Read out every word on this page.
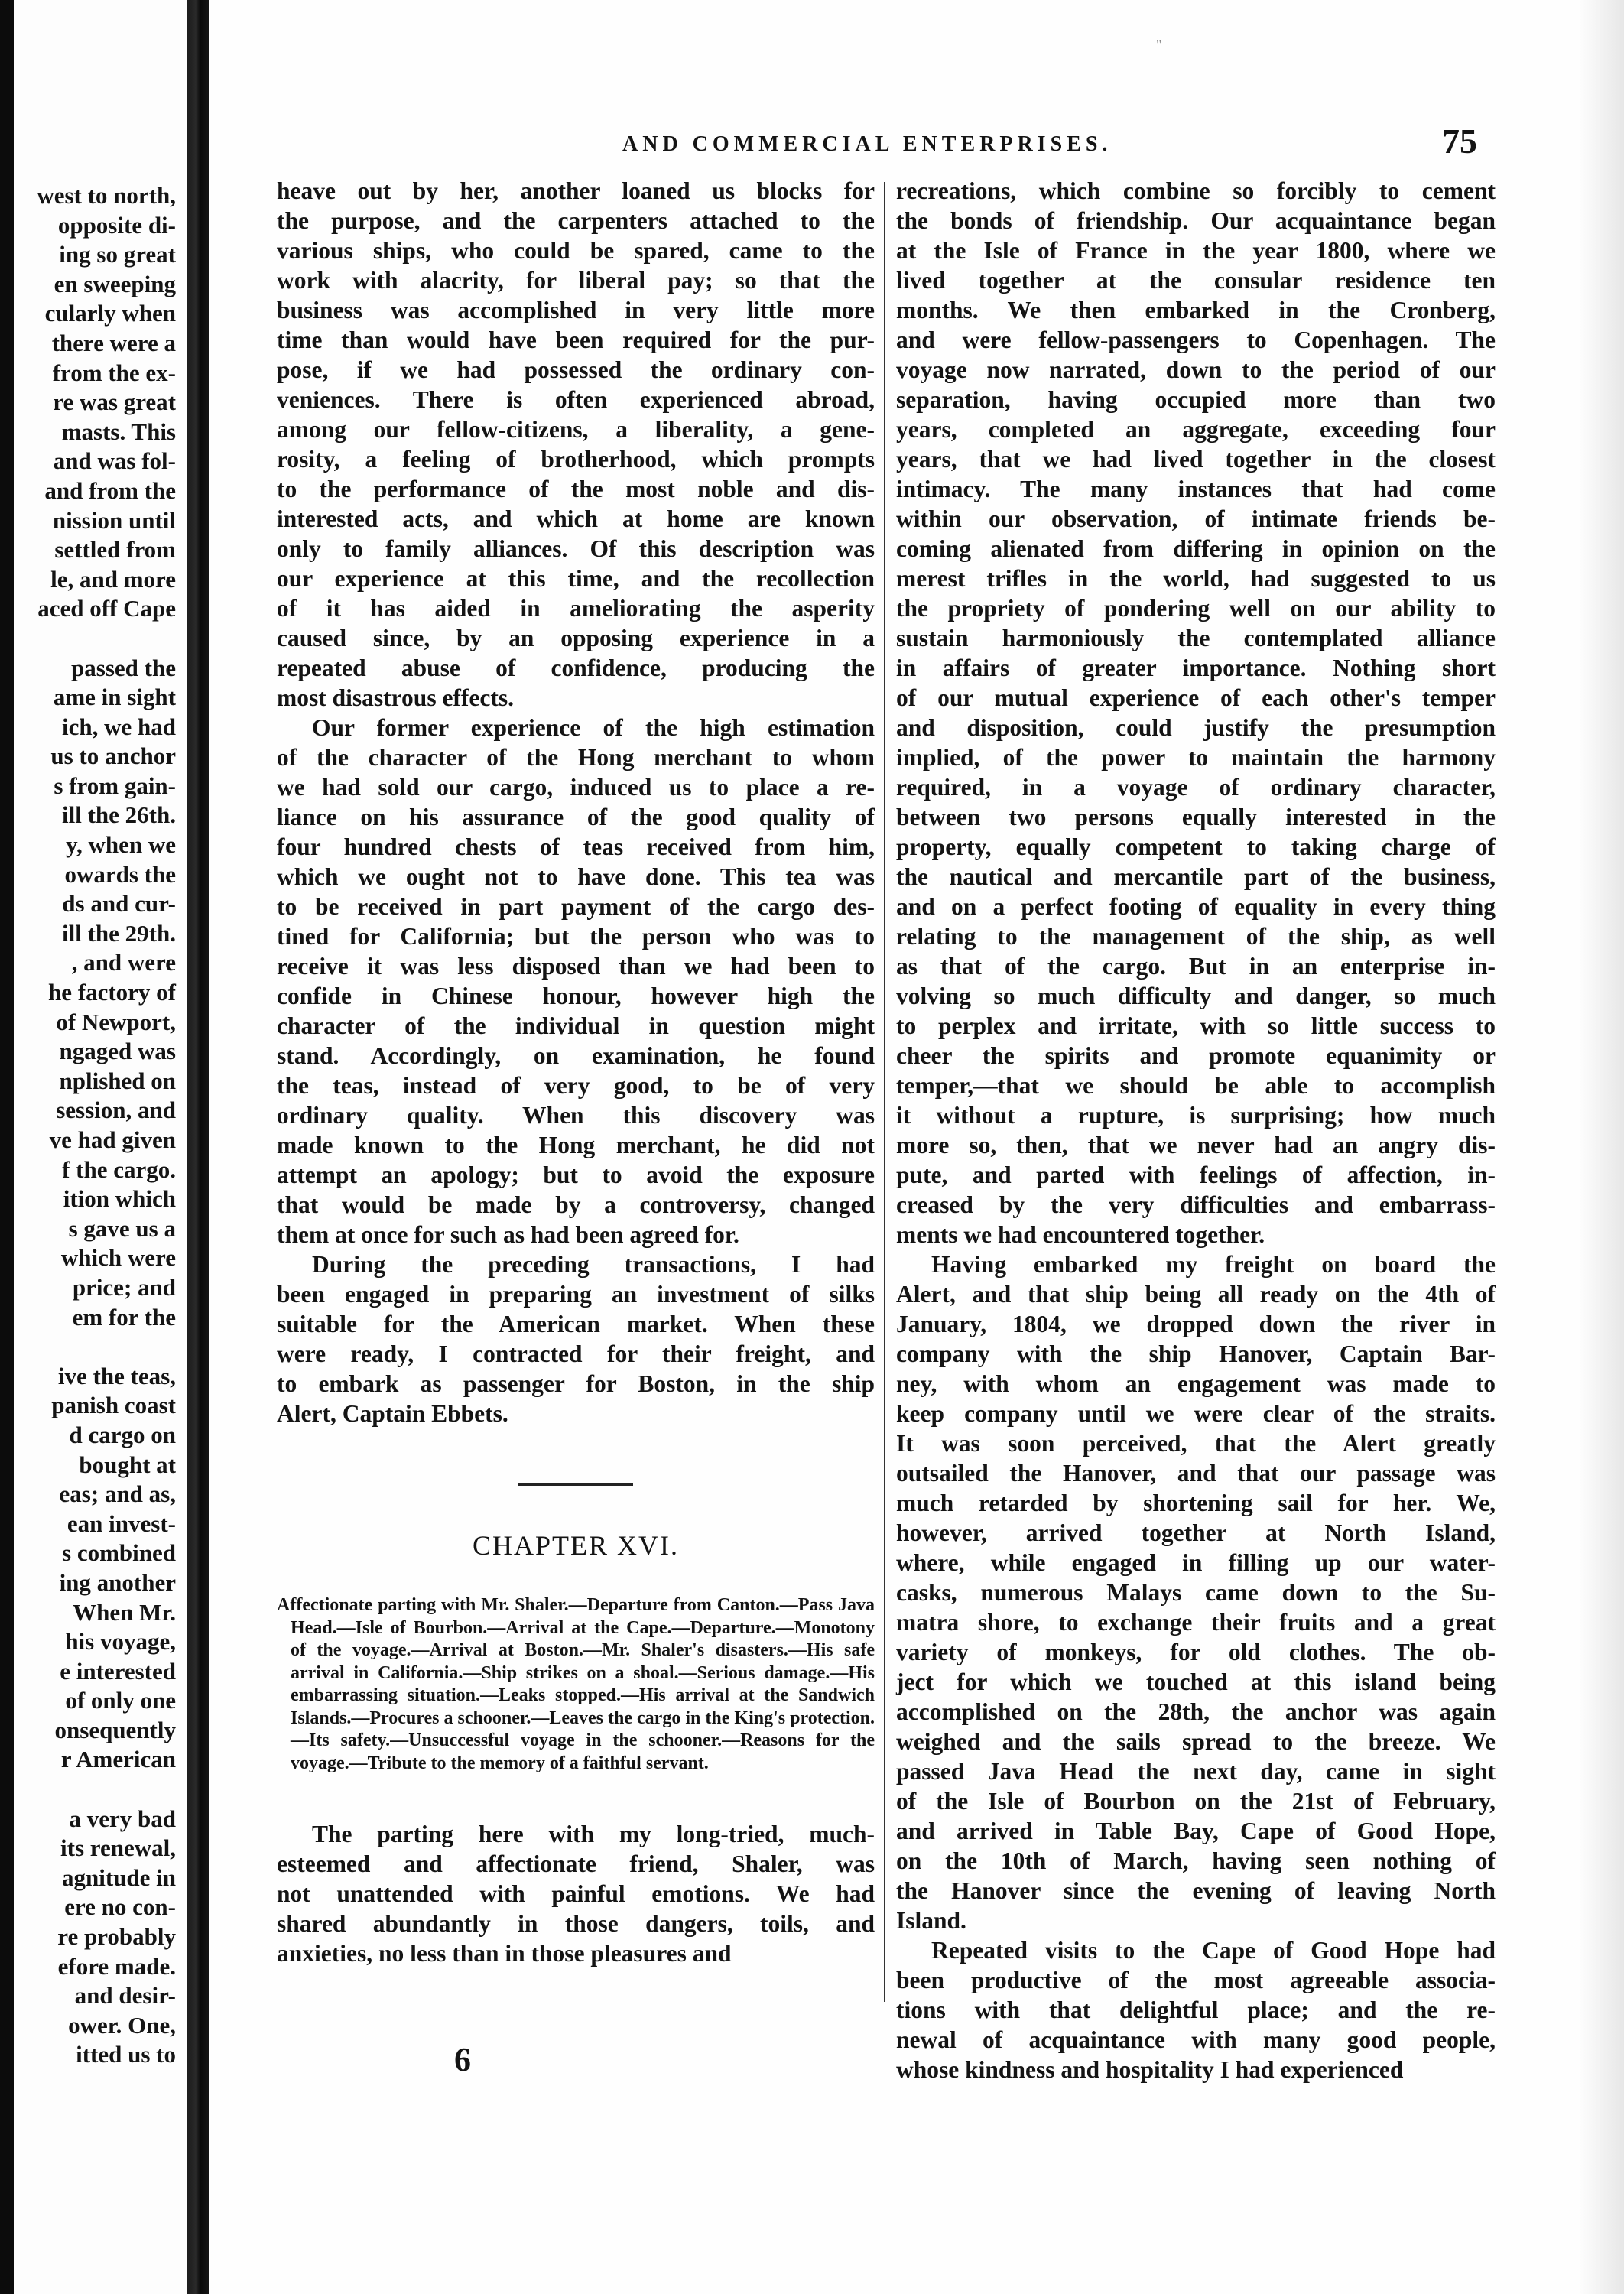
west to north,
opposite di-
ing so great
en sweeping
cularly when
there were a
from the ex-
re was great
masts. This
and was fol-
and from the
nission until
settled from
le, and more
aced off Cape

passed the
ame in sight
ich, we had
us to anchor
s from gain-
ill the 26th.
y, when we
owards the
ds and cur-
ill the 29th.
, and were
he factory of
of Newport,
ngaged was
nplished on
session, and
ve had given
f the cargo.
ition which
s gave us a
which were
price; and
em for the

ive the teas,
panish coast
d cargo on
bought at
eas; and as,
ean invest-
s combined
ing another
When Mr.
his voyage,
e interested
of only one
onsequently
r American

a very bad
its renewal,
agnitude in
ere no con-
re probably
efore made.
and desir-
ower. One,
itted us to
"
AND COMMERCIAL ENTERPRISES.	75
heave out by her, another loaned us blocks for
the purpose, and the carpenters attached to the
various ships, who could be spared, came to the
work with alacrity, for liberal pay; so that the
business was accomplished in very little more
time than would have been required for the pur-
pose, if we had possessed the ordinary con-
veniences. There is often experienced abroad,
among our fellow-citizens, a liberality, a gene-
rosity, a feeling of brotherhood, which prompts
to the performance of the most noble and dis-
interested acts, and which at home are known
only to family alliances. Of this description was
our experience at this time, and the recollection
of it has aided in ameliorating the asperity
caused since, by an opposing experience in a
repeated abuse of confidence, producing the
most disastrous effects.
Our former experience of the high estimation
of the character of the Hong merchant to whom
we had sold our cargo, induced us to place a re-
liance on his assurance of the good quality of
four hundred chests of teas received from him,
which we ought not to have done. This tea was
to be received in part payment of the cargo des-
tined for California; but the person who was to
receive it was less disposed than we had been to
confide in Chinese honour, however high the
character of the individual in question might
stand. Accordingly, on examination, he found
the teas, instead of very good, to be of very
ordinary quality. When this discovery was
made known to the Hong merchant, he did not
attempt an apology; but to avoid the exposure
that would be made by a controversy, changed
them at once for such as had been agreed for.
During the preceding transactions, I had
been engaged in preparing an investment of silks
suitable for the American market. When these
were ready, I contracted for their freight, and
to embark as passenger for Boston, in the ship
Alert, Captain Ebbets.
CHAPTER XVI.

Affectionate parting with Mr. Shaler.—Departure from Canton.—Pass Java Head.—Isle of Bourbon.—Arrival at the Cape.—Departure.—Monotony of the voyage.—Arrival at Boston.—Mr. Shaler's disasters.—His safe arrival in California.—Ship strikes on a shoal.—Serious damage.—His embarrassing situation.—Leaks stopped.—His arrival at the Sandwich Islands.—Procures a schooner.—Leaves the cargo in the King's protection.—Its safety.—Unsuccessful voyage in the schooner.—Reasons for the voyage.—Tribute to the memory of a faithful servant.

The parting here with my long-tried, much-
esteemed and affectionate friend, Shaler, was
not unattended with painful emotions. We had
shared abundantly in those dangers, toils, and
anxieties, no less than in those pleasures and
recreations, which combine so forcibly to cement
the bonds of friendship. Our acquaintance began
at the Isle of France in the year 1800, where we
lived together at the consular residence ten
months. We then embarked in the Cronberg,
and were fellow-passengers to Copenhagen. The
voyage now narrated, down to the period of our
separation, having occupied more than two
years, completed an aggregate, exceeding four
years, that we had lived together in the closest
intimacy. The many instances that had come
within our observation, of intimate friends be-
coming alienated from differing in opinion on the
merest trifles in the world, had suggested to us
the propriety of pondering well on our ability to
sustain harmoniously the contemplated alliance
in affairs of greater importance. Nothing short
of our mutual experience of each other's temper
and disposition, could justify the presumption
implied, of the power to maintain the harmony
required, in a voyage of ordinary character,
between two persons equally interested in the
property, equally competent to taking charge of
the nautical and mercantile part of the business,
and on a perfect footing of equality in every thing
relating to the management of the ship, as well
as that of the cargo. But in an enterprise in-
volving so much difficulty and danger, so much
to perplex and irritate, with so little success to
cheer the spirits and promote equanimity or
temper,—that we should be able to accomplish
it without a rupture, is surprising; how much
more so, then, that we never had an angry dis-
pute, and parted with feelings of affection, in-
creased by the very difficulties and embarrass-
ments we had encountered together.
Having embarked my freight on board the
Alert, and that ship being all ready on the 4th of
January, 1804, we dropped down the river in
company with the ship Hanover, Captain Bar-
ney, with whom an engagement was made to
keep company until we were clear of the straits.
It was soon perceived, that the Alert greatly
outsailed the Hanover, and that our passage was
much retarded by shortening sail for her. We,
however, arrived together at North Island,
where, while engaged in filling up our water-
casks, numerous Malays came down to the Su-
matra shore, to exchange their fruits and a great
variety of monkeys, for old clothes. The ob-
ject for which we touched at this island being
accomplished on the 28th, the anchor was again
weighed and the sails spread to the breeze. We
passed Java Head the next day, came in sight
of the Isle of Bourbon on the 21st of February,
and arrived in Table Bay, Cape of Good Hope,
on the 10th of March, having seen nothing of
the Hanover since the evening of leaving North
Island.
Repeated visits to the Cape of Good Hope had
been productive of the most agreeable associa-
tions with that delightful place; and the re-
newal of acquaintance with many good people,
whose kindness and hospitality I had experienced
6
